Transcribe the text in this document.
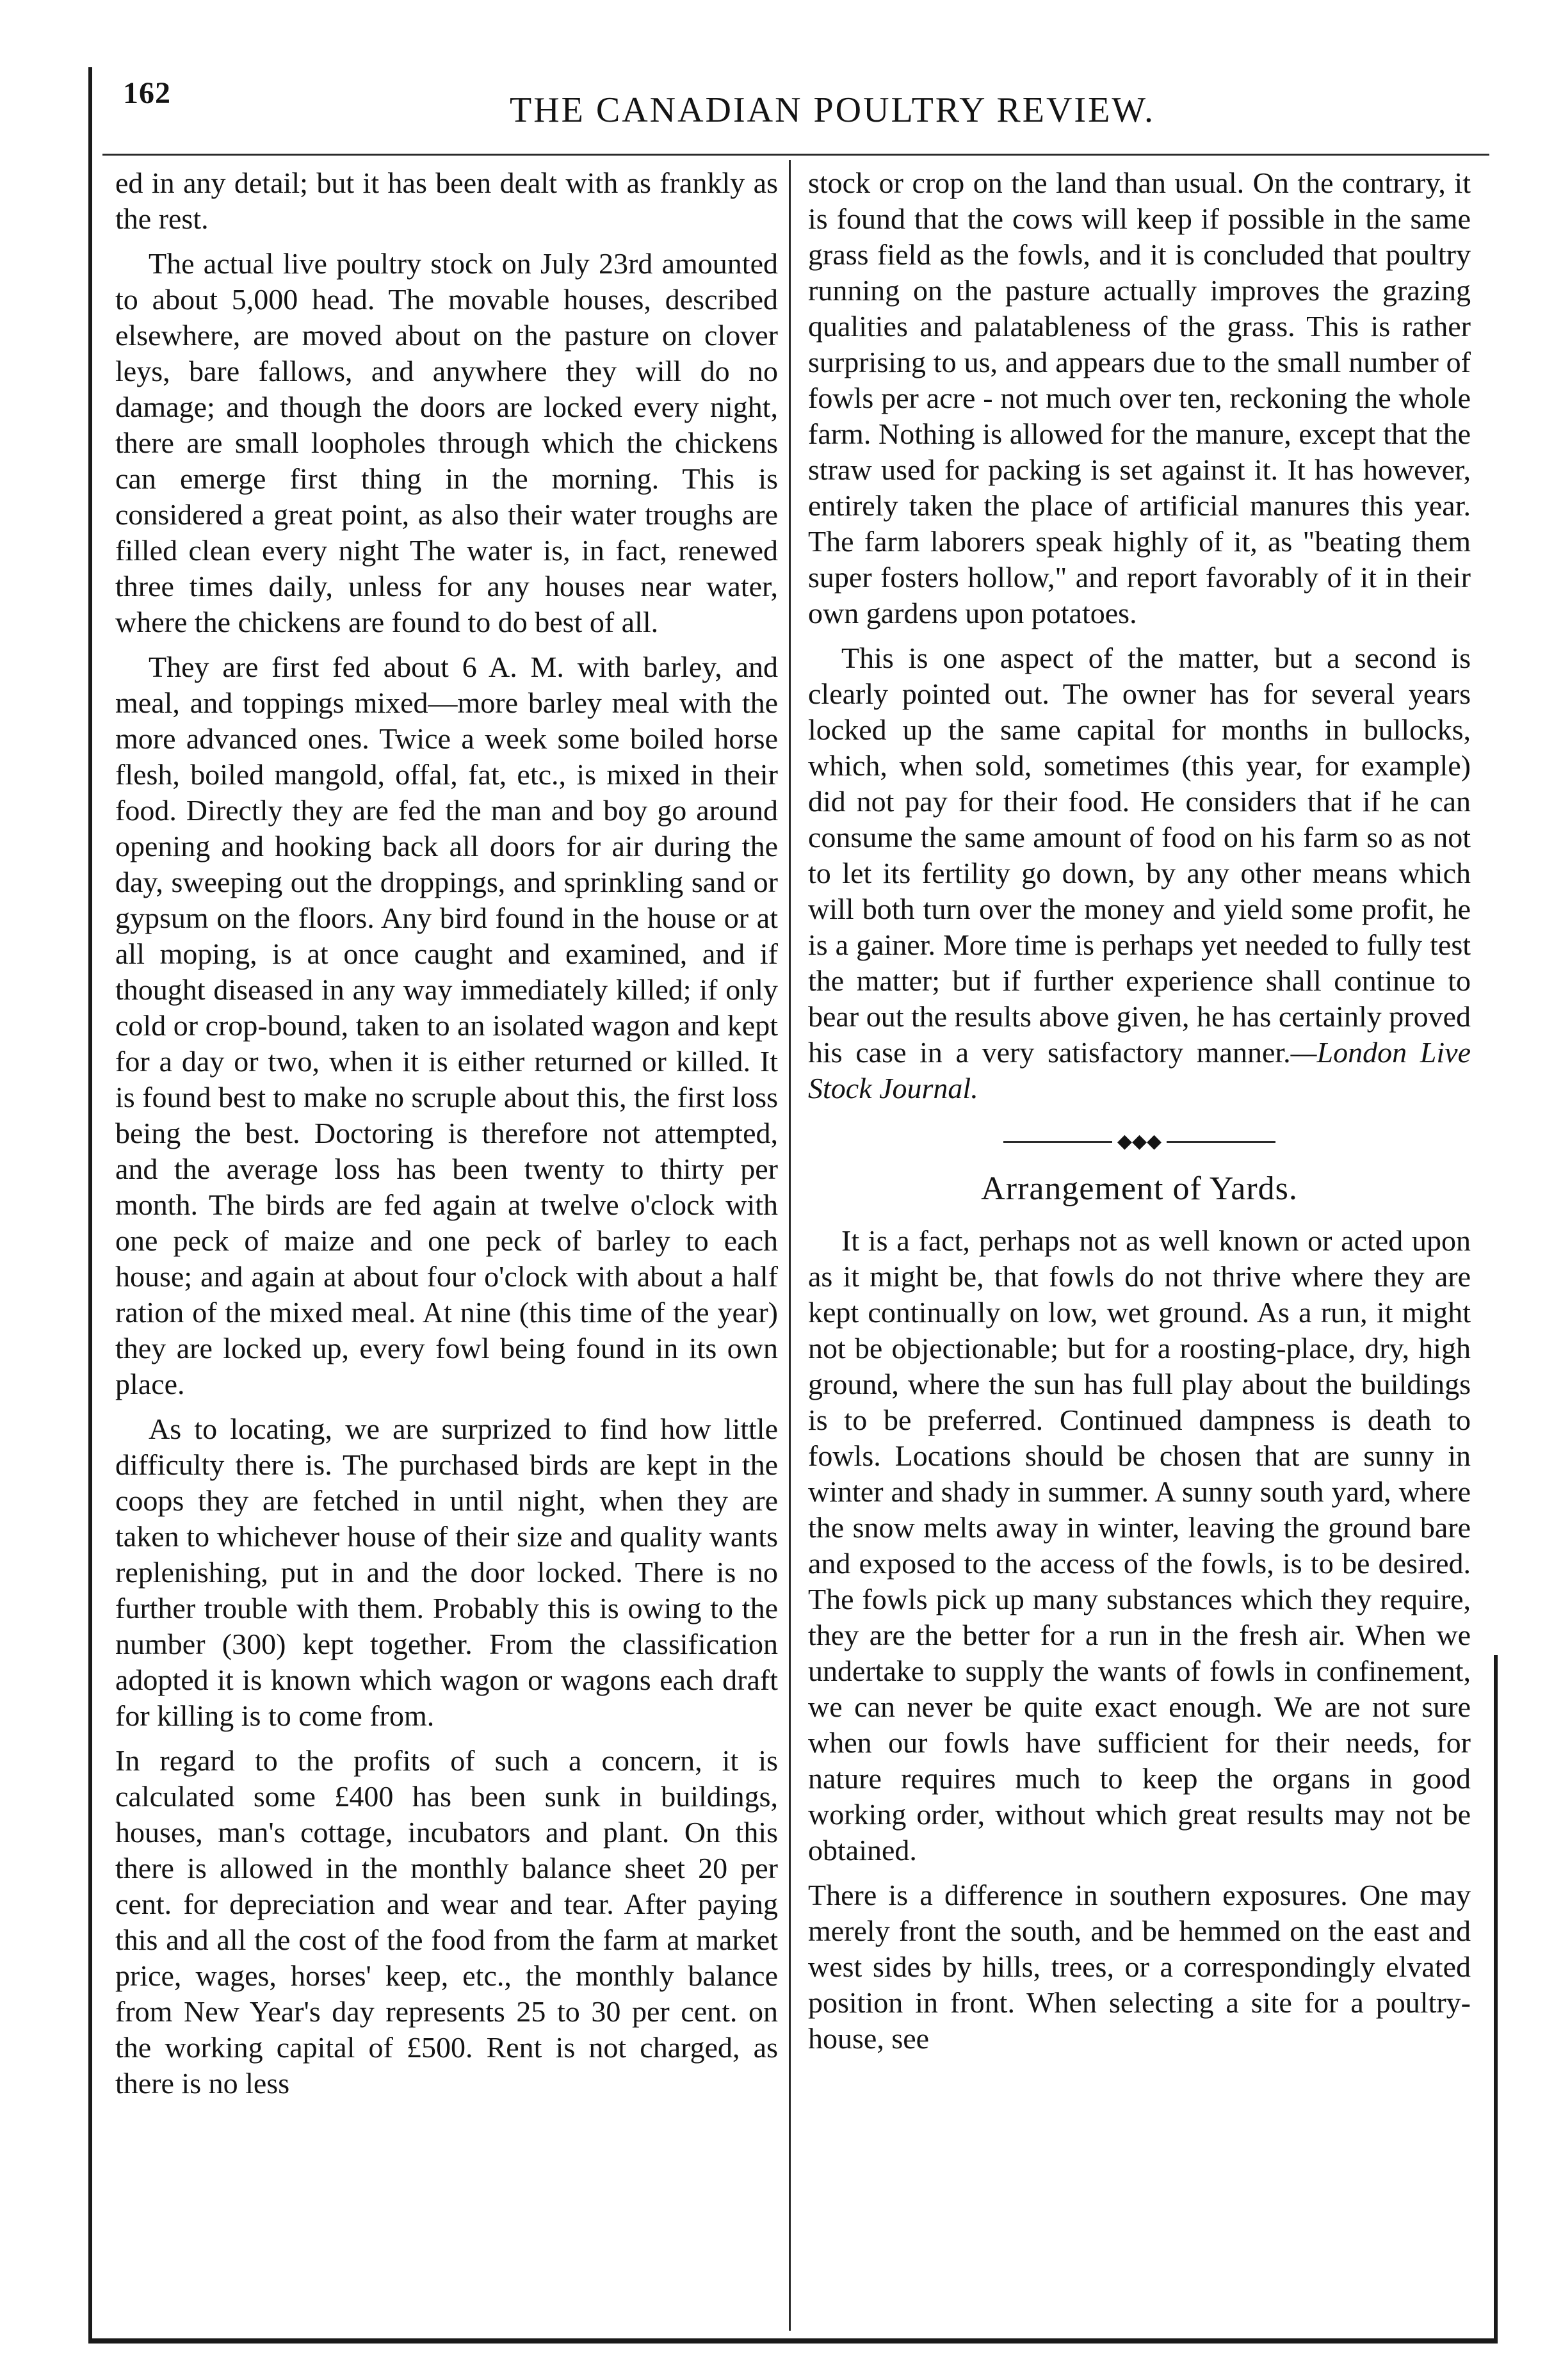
162	THE CANADIAN POULTRY REVIEW.

ed in any detail; but it has been dealt with as frankly as the rest.

The actual live poultry stock on July 23rd amounted to about 5,000 head. The movable houses, described elsewhere, are moved about on the pasture on clover leys, bare fallows, and anywhere they will do no damage; and though the doors are locked every night, there are small loopholes through which the chickens can emerge first thing in the morning. This is considered a great point, as also their water troughs are filled clean every night The water is, in fact, renewed three times daily, unless for any houses near water, where the chickens are found to do best of all.

They are first fed about 6 A. M. with barley, and meal, and toppings mixed—more barley meal with the more advanced ones. Twice a week some boiled horse flesh, boiled mangold, offal, fat, etc., is mixed in their food. Directly they are fed the man and boy go around opening and hooking back all doors for air during the day, sweeping out the droppings, and sprinkling sand or gypsum on the floors. Any bird found in the house or at all moping, is at once caught and examined, and if thought diseased in any way immediately killed; if only cold or crop-bound, taken to an isolated wagon and kept for a day or two, when it is either returned or killed. It is found best to make no scruple about this, the first loss being the best. Doctoring is therefore not attempted, and the average loss has been twenty to thirty per month. The birds are fed again at twelve o'clock with one peck of maize and one peck of barley to each house; and again at about four o'clock with about a half ration of the mixed meal. At nine (this time of the year) they are locked up, every fowl being found in its own place.

As to locating, we are surprized to find how little difficulty there is. The purchased birds are kept in the coops they are fetched in until night, when they are taken to whichever house of their size and quality wants replenishing, put in and the door locked. There is no further trouble with them. Probably this is owing to the number (300) kept together. From the classification adopted it is known which wagon or wagons each draft for killing is to come from.

In regard to the profits of such a concern, it is calculated some £400 has been sunk in buildings, houses, man's cottage, incubators and plant. On this there is allowed in the monthly balance sheet 20 per cent. for depreciation and wear and tear. After paying this and all the cost of the food from the farm at market price, wages, horses' keep, etc., the monthly balance from New Year's day represents 25 to 30 per cent. on the working capital of £500. Rent is not charged, as there is no less

stock or crop on the land than usual. On the contrary, it is found that the cows will keep if possible in the same grass field as the fowls, and it is concluded that poultry running on the pasture actually improves the grazing qualities and palatableness of the grass. This is rather surprising to us, and appears due to the small number of fowls per acre - not much over ten, reckoning the whole farm. Nothing is allowed for the manure, except that the straw used for packing is set against it. It has however, entirely taken the place of artificial manures this year. The farm laborers speak highly of it, as "beating them super fosters hollow," and report favorably of it in their own gardens upon potatoes.

This is one aspect of the matter, but a second is clearly pointed out. The owner has for several years locked up the same capital for months in bullocks, which, when sold, sometimes (this year, for example) did not pay for their food. He considers that if he can consume the same amount of food on his farm so as not to let its fertility go down, by any other means which will both turn over the money and yield some profit, he is a gainer. More time is perhaps yet needed to fully test the matter; but if further experience shall continue to bear out the results above given, he has certainly proved his case in a very satisfactory manner.—London Live Stock Journal.

◆◆◆
Arrangement of Yards.

It is a fact, perhaps not as well known or acted upon as it might be, that fowls do not thrive where they are kept continually on low, wet ground. As a run, it might not be objectionable; but for a roosting-place, dry, high ground, where the sun has full play about the buildings is to be preferred. Continued dampness is death to fowls. Locations should be chosen that are sunny in winter and shady in summer. A sunny south yard, where the snow melts away in winter, leaving the ground bare and exposed to the access of the fowls, is to be desired. The fowls pick up many substances which they require, they are the better for a run in the fresh air. When we undertake to supply the wants of fowls in confinement, we can never be quite exact enough. We are not sure when our fowls have sufficient for their needs, for nature requires much to keep the organs in good working order, without which great results may not be obtained.

There is a difference in southern exposures. One may merely front the south, and be hemmed on the east and west sides by hills, trees, or a correspondingly elvated position in front. When selecting a site for a poultry-house, see
